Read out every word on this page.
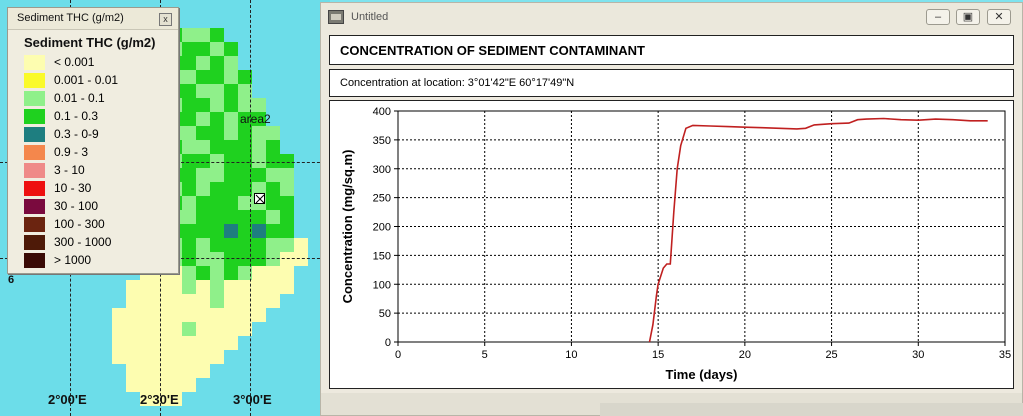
area2
2°00'E	2°30'E	3°00'E
6
Sediment THC (g/m2)	x
Sediment THC (g/m2)
< 0.001
0.001 - 0.01
0.01 - 0.1
0.1 - 0.3
0.3 - 0-9
0.9 - 3
3 - 10
10 - 30
30 - 100
100 - 300
300 - 1000
> 1000
Untitled	–	▣	✕
CONCENTRATION OF SEDIMENT CONTAMINANT
Concentration at location: 3°01'42"E 60°17'49"N
0	5	10	15	20	25	30	35
0
50
100
150
200
250
300
350
400
Time (days)
Concentration (mg/sq.m)
